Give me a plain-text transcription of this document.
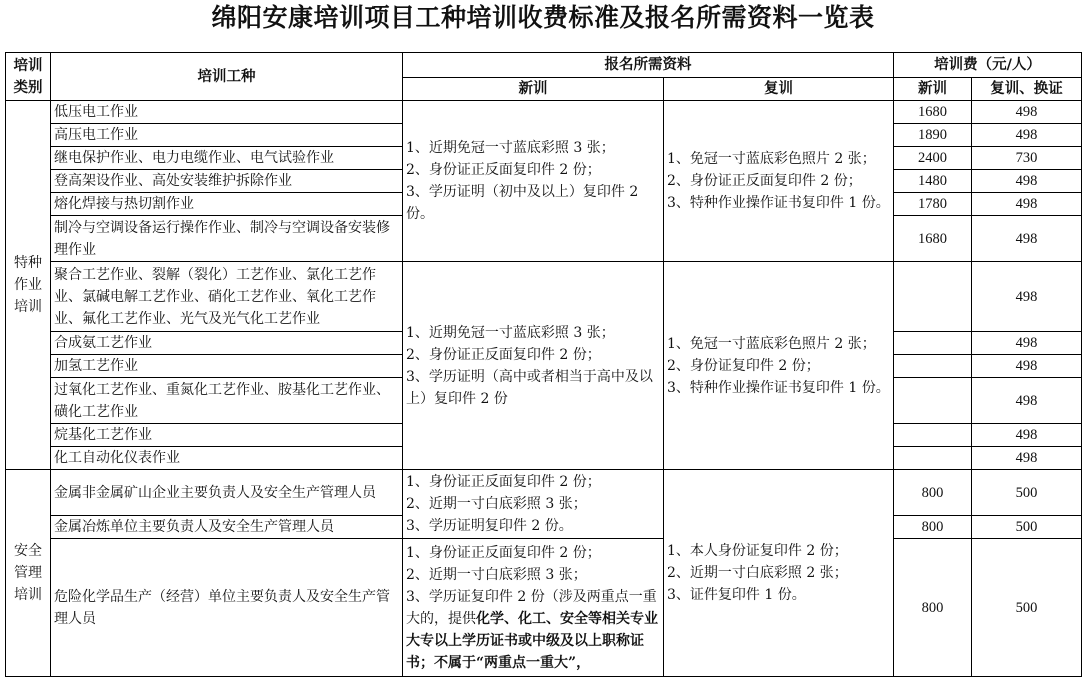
绵阳安康培训项目工种培训收费标准及报名所需资料一览表
培训类别	培训工种	报名所需资料		培训费（元/人）	
		新训	复训	新训	复训、换证

特种
作业
培训	低压电工作业	1、近期免冠一寸蓝底彩照 3 张；
2、身份证正反面复印件 2 份；
3、学历证明（初中及以上）复印件 2 份。	1、免冠一寸蓝底彩色照片 2 张；
2、身份证正反面复印件 2 份；
3、特种作业操作证书复印件 1 份。	1680	498
	高压电工作业			1890	498
	继电保护作业、电力电缆作业、电气试验作业			2400	730
	登高架设作业、高处安装维护拆除作业			1480	498
	熔化焊接与热切割作业			1780	498
	制冷与空调设备运行操作作业、制冷与空调设备安装修理作业			1680	498
	聚合工艺作业、裂解（裂化）工艺作业、氯化工艺作业、氯碱电解工艺作业、硝化工艺作业、氧化工艺作业、氟化工艺作业、光气及光气化工艺作业	1、近期免冠一寸蓝底彩照 3 张；
2、身份证正反面复印件 2 份；
3、学历证明（高中或者相当于高中及以上）复印件 2 份	1、免冠一寸蓝底彩色照片 2 张；
2、身份证复印件 2 份；
3、特种作业操作证书复印件 1 份。		498
	合成氨工艺作业				498
	加氢工艺作业				498
	过氧化工艺作业、重氮化工艺作业、胺基化工艺作业、磺化工艺作业				498
	烷基化工艺作业				498
	化工自动化仪表作业				498

安全
管理
培训	金属非金属矿山企业主要负责人及安全生产管理人员	1、身份证正反面复印件 2 份；
2、近期一寸白底彩照 3 张；
3、学历证明复印件 2 份。	1、本人身份证复印件 2 份；
2、近期一寸白底彩照 2 张；
3、证件复印件 1 份。	800	500
	金属冶炼单位主要负责人及安全生产管理人员			800	500
	危险化学品生产（经营）单位主要负责人及安全生产管理人员	1、身份证正反面复印件 2 份；
2、近期一寸白底彩照 3 张；
3、学历证复印件 2 份（涉及两重点一重大的，提供化学、化工、安全等相关专业大专以上学历证书或中级及以上职称证书；不属于“两重点一重大”，		800	500
